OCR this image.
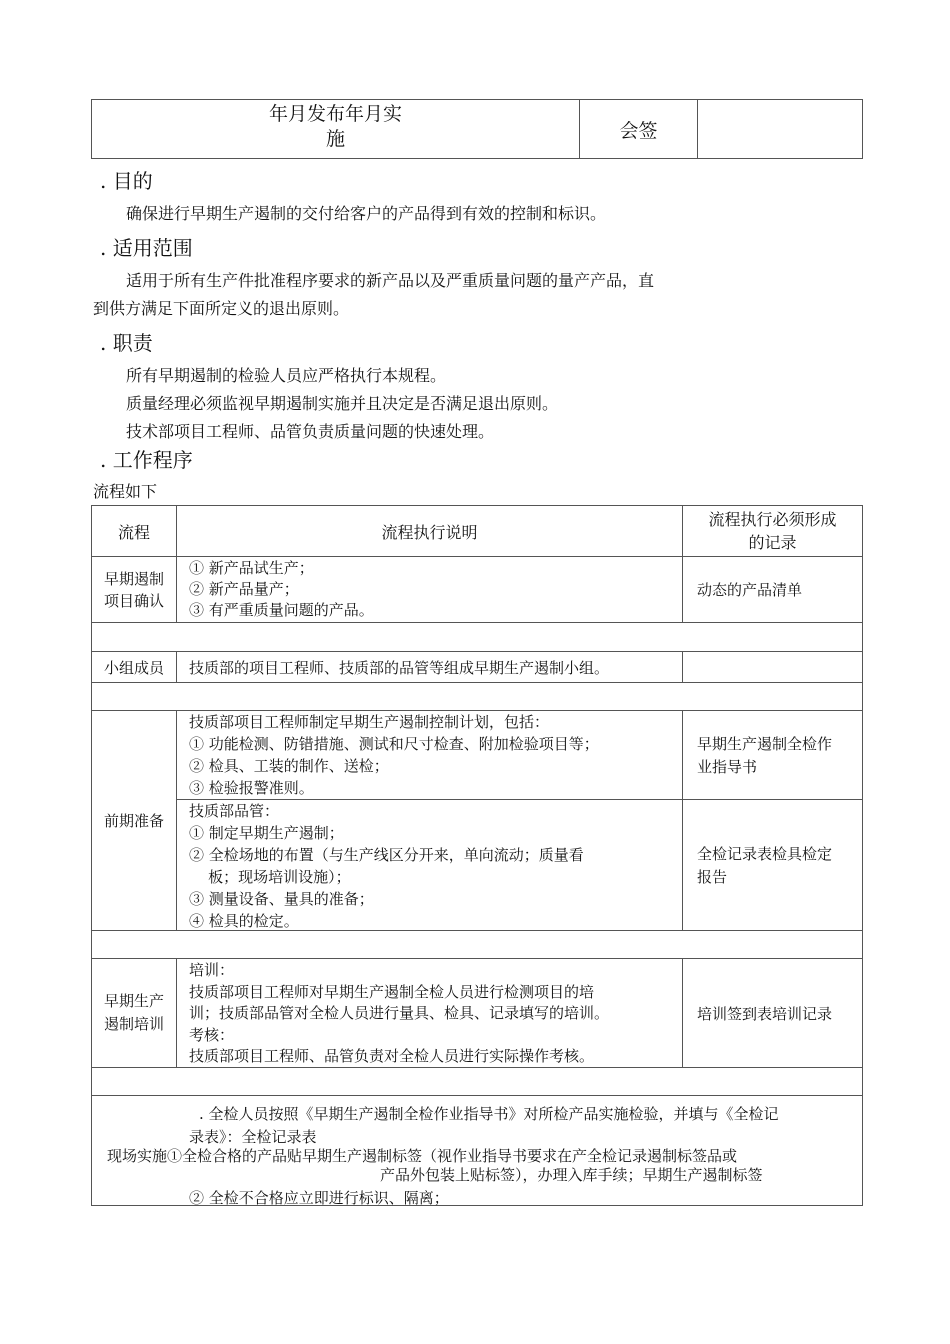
年月发布年月实
施	会签
. 目的
确保进行早期生产遏制的交付给客户的产品得到有效的控制和标识。
. 适用范围
适用于所有生产件批准程序要求的新产品以及严重质量问题的量产产品，直
到供方满足下面所定义的退出原则。
. 职责
所有早期遏制的检验人员应严格执行本规程。
质量经理必须监视早期遏制实施并且决定是否满足退出原则。
技术部项目工程师、品管负责质量问题的快速处理。
. 工作程序
流程如下
流程	流程执行说明
流程执行必须形成
的记录
早期遏制
项目确认
① 新产品试生产；
② 新产品量产；
③ 有严重质量问题的产品。
动态的产品清单
小组成员 技质部的项目工程师、技质部的品管等组成早期生产遏制小组。
前期准备
技质部项目工程师制定早期生产遏制控制计划，包括：
① 功能检测、防错措施、测试和尺寸检查、附加检验项目等；
② 检具、工装的制作、送检；
③ 检验报警准则。
早期生产遏制全检作
业指导书
技质部品管：
① 制定早期生产遏制；
② 全检场地的布置（与生产线区分开来，单向流动；质量看
板；现场培训设施）；
③ 测量设备、量具的准备；
④ 检具的检定。
全检记录表检具检定
报告
早期生产
遏制培训
培训：
技质部项目工程师对早期生产遏制全检人员进行检测项目的培
训；技质部品管对全检人员进行量具、检具、记录填写的培训。
考核：
技质部项目工程师、品管负责对全检人员进行实际操作考核。
培训签到表培训记录
. 全检人员按照《早期生产遏制全检作业指导书》对所检产品实施检验，并填与《全检记
录表》：全检记录表
现场实施①全检合格的产品贴早期生产遏制标签（视作业指导书要求在产全检记录遏制标签品或
产品外包装上贴标签），办理入库手续；早期生产遏制标签
② 全检不合格应立即进行标识、隔离；
